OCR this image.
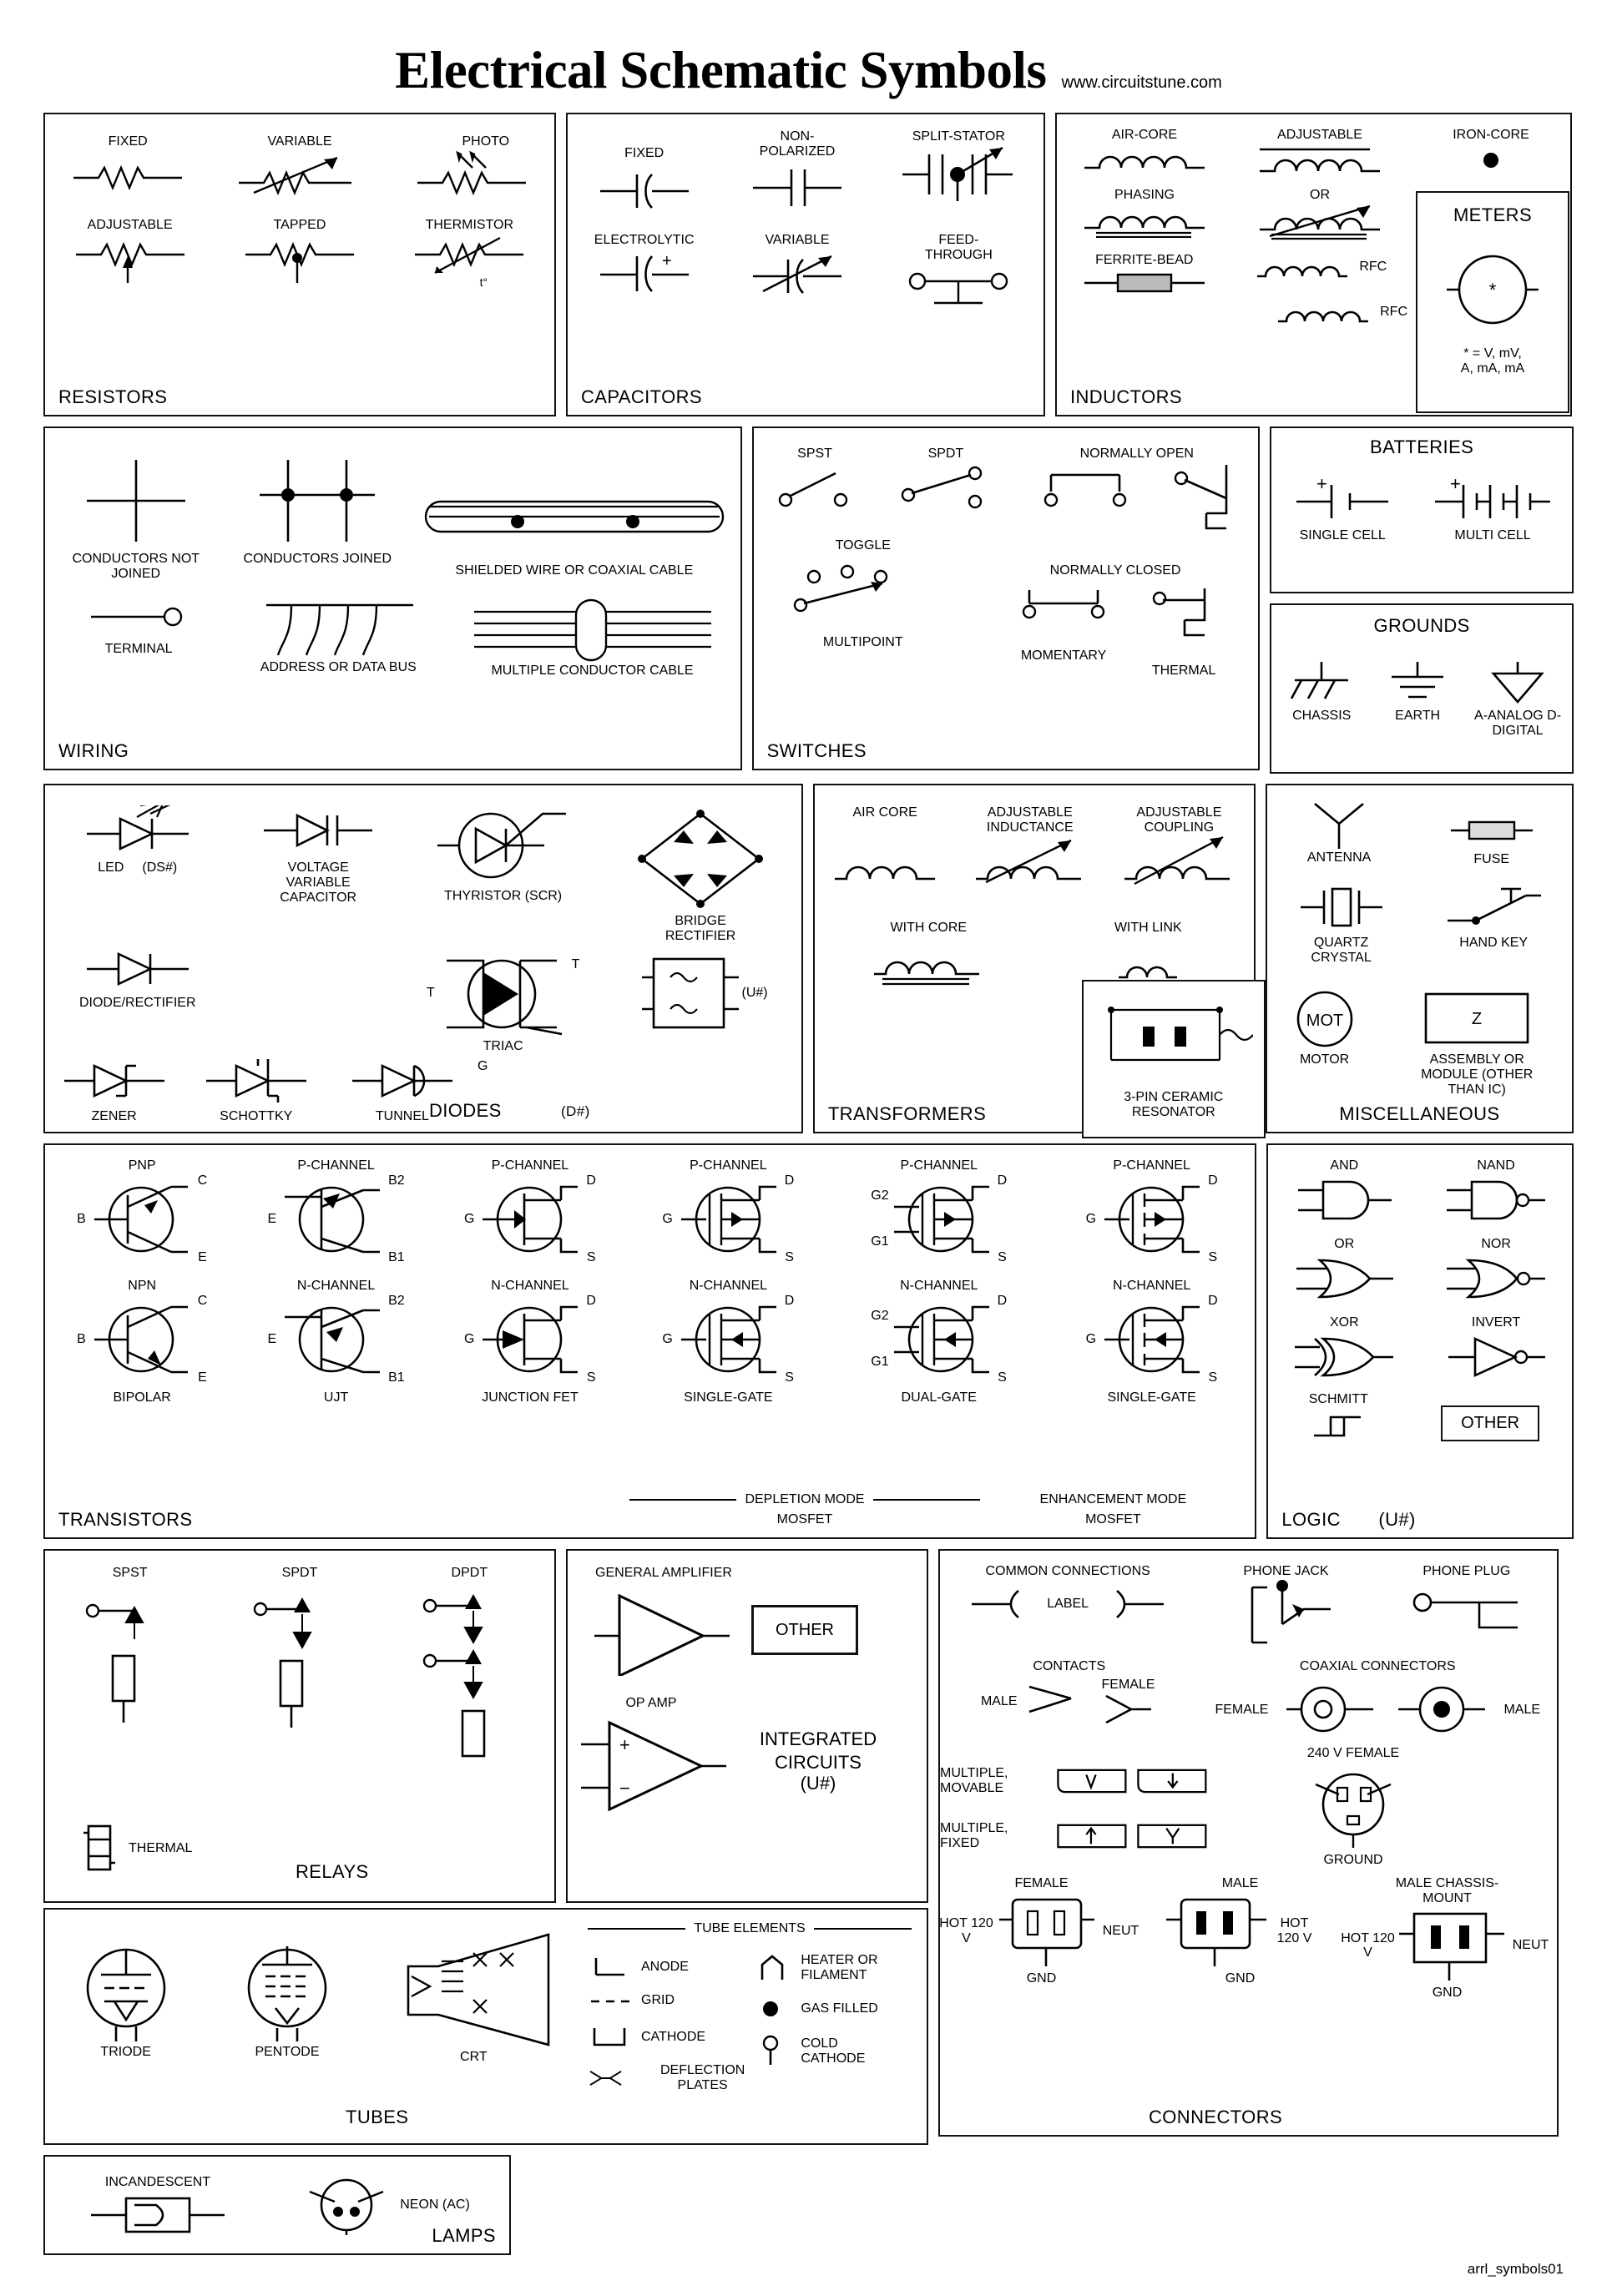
Electrical Schematic Symbols www.circuitstune.com
FIXED	VARIABLE	PHOTO
ADJUSTABLE	TAPPED	THERMISTOR
t°
RESISTORS
FIXED
NON-POLARIZED
SPLIT-STATOR
ELECTROLYTIC
+
VARIABLE	FEED-THROUGH
CAPACITORS
AIR-CORE	ADJUSTABLE
PHASING	OR
FERRITE-BEAD	RFC
RFC
INDUCTORS
IRON-CORE
METERS
*
* = V, mV,
A, mA, mA
CONDUCTORS NOT JOINED
CONDUCTORS JOINED
SHIELDED WIRE OR COAXIAL CABLE
TERMINAL
ADDRESS OR DATA BUS	MULTIPLE CONDUCTOR CABLE
WIRING
SPST	SPDT	NORMALLY OPEN
TOGGLE
MULTIPOINT
NORMALLY CLOSED
MOMENTARY
THERMAL
SWITCHES
BATTERIES
+
SINGLE CELL
+
MULTI CELL
GROUNDS
CHASSIS	EARTH	A-ANALOG D-DIGITAL
LED (DS#)	VOLTAGE VARIABLE CAPACITOR	THYRISTOR (SCR)
BRIDGE RECTIFIER
DIODE/RECTIFIER
T
T
TRIAC
(U#)
ZENER	SCHOTTKY	TUNNEL
G
DIODES	(D#)
AIR CORE	ADJUSTABLE INDUCTANCE
ADJUSTABLE COUPLING
WITH CORE	WITH LINK
TRANSFORMERS
3-PIN CERAMIC RESONATOR
ANTENNA	FUSE
QUARTZ CRYSTAL
HAND KEY
MOT
MOTOR
Z
ASSEMBLY OR MODULE (OTHER THAN IC)
MISCELLANEOUS
PNP
B
C
E
P-CHANNEL
E
B2
B1
P-CHANNEL
G
D
S
P-CHANNEL
G
D
S
P-CHANNEL
G2
G1
D
S
P-CHANNEL
G
D
S
NPN
B
C
E
BIPOLAR
N-CHANNEL
E
B2
B1
UJT
N-CHANNEL
G
D
S
JUNCTION FET
N-CHANNEL
G
D
S
SINGLE-GATE
N-CHANNEL
G2
G1
D
S
DUAL-GATE
N-CHANNEL
G
D
S
SINGLE-GATE
DEPLETION MODE
MOSFET
ENHANCEMENT MODE
MOSFET
TRANSISTORS
AND	NAND
OR	NOR
XOR	INVERT
SCHMITT
OTHER
LOGIC (U#)
SPST	SPDT	DPDT
THERMAL
RELAYS
GENERAL AMPLIFIER
OTHER
OP AMP
+
−
INTEGRATED CIRCUITS
(U#)
COMMON CONNECTIONS
LABEL
PHONE JACK	PHONE PLUG
CONTACTS
MALE
FEMALE
COAXIAL CONNECTORS
FEMALE	MALE
MULTIPLE, MOVABLE
MULTIPLE, FIXED
240 V FEMALE
GROUND
FEMALE
HOT 120 V
NEUT
GND
MALE
HOT 120 V
GND
MALE CHASSIS-MOUNT
HOT 120 V
NEUT
GND
CONNECTORS
TRIODE	PENTODE	CRT
TUBES
TUBE ELEMENTS
ANODE
GRID
CATHODE
DEFLECTION PLATES
HEATER OR FILAMENT
GAS FILLED
COLD CATHODE
INCANDESCENT
NEON (AC)
LAMPS
arrl_symbols01
